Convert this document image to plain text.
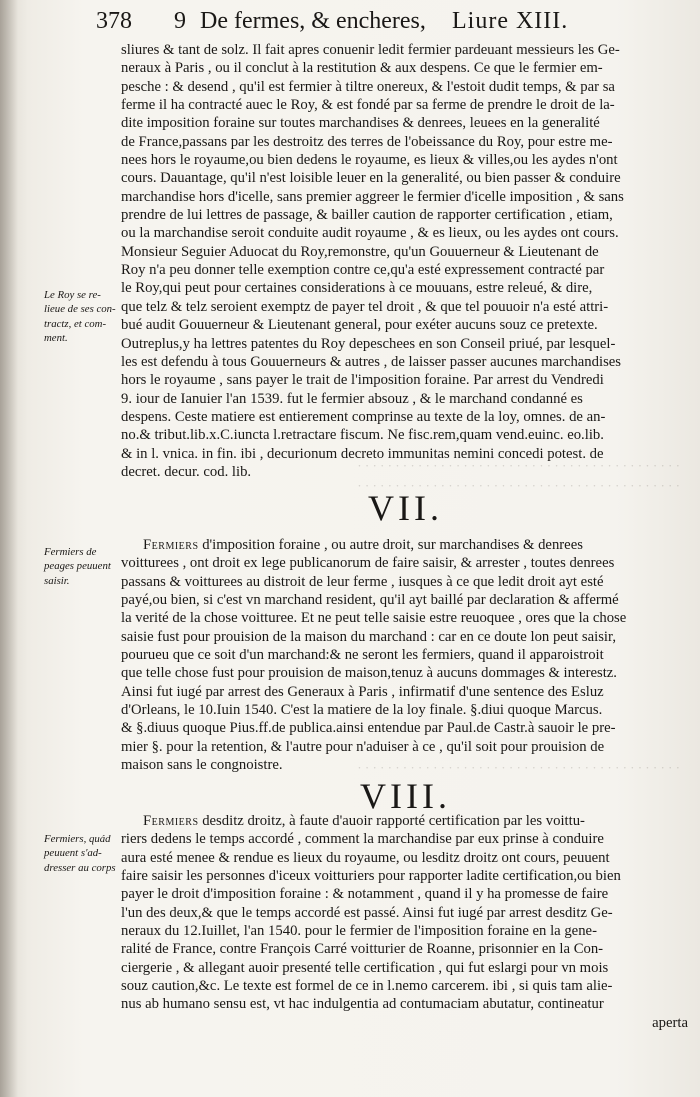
· · · · · · · · · · · · · · · · · · · · · · · · · · · · · · · · · · · · · · · · · · ·
· · · · · · · · · · · · · · · · · · · · · · · · · · · · · · · · · · · · · · · · · · ·
· · · · · · · · · · · · · · · · · · · · · · · · · · · · · · · · · · · · · · · · · · ·
378 9 De fermes, & encheres, Liure XIII.
sliures & tant de solz. Il fait apres conuenir ledit fermier pardeuant messieurs les Ge-
neraux à Paris , ou il conclut à la restitution & aux despens. Ce que le fermier em-
pesche : & desend , qu'il est fermier à tiltre onereux, & l'estoit dudit temps, & par sa
ferme il ha contracté auec le Roy, & est fondé par sa ferme de prendre le droit de la-
dite imposition foraine sur toutes marchandises & denrees, leuees en la generalité
de France,passans par les destroitz des terres de l'obeissance du Roy, pour estre me-
nees hors le royaume,ou bien dedens le royaume, es lieux & villes,ou les aydes n'ont
cours. Dauantage, qu'il n'est loisible leuer en la generalité, ou bien passer & conduire
marchandise hors d'icelle, sans premier aggreer le fermier d'icelle imposition , & sans
prendre de lui lettres de passage, & bailler caution de rapporter certification , etiam,
ou la marchandise seroit conduite audit royaume , & es lieux, ou les aydes ont cours.
Monsieur Seguier Aduocat du Roy,remonstre, qu'un Gouuerneur & Lieutenant de
Roy n'a peu donner telle exemption contre ce,qu'a esté expressement contracté par
le Roy,qui peut pour certaines considerations à ce mouuans, estre releué, & dire,
que telz & telz seroient exemptz de payer tel droit , & que tel pouuoir n'a esté attri-
bué audit Gouuerneur & Lieutenant general, pour exéter aucuns souz ce pretexte.
Outreplus,y ha lettres patentes du Roy depeschees en son Conseil priué, par lesquel-
les est defendu à tous Gouuerneurs & autres , de laisser passer aucunes marchandises
hors le royaume , sans payer le trait de l'imposition foraine. Par arrest du Vendredi
9. iour de Ianuier l'an 1539. fut le fermier absouz , & le marchand condanné es
despens. Ceste matiere est entierement comprinse au texte de la loy, omnes. de an-
no.& tribut.lib.x.C.iuncta l.retractare fiscum. Ne fisc.rem,quam vend.euinc. eo.lib.
& in l. vnica. in fin. ibi , decurionum decreto immunitas nemini concedi potest. de
decret. decur. cod. lib.
Le Roy se re-
lieue de ses con-
tractz, et com-
ment.
VII.
Fermiers de
peages peuuent
saisir.
Fermiers d'imposition foraine , ou autre droit, sur marchandises & denrees
voitturees , ont droit ex lege publicanorum de faire saisir, & arrester , toutes denrees
passans & voitturees au distroit de leur ferme , iusques à ce que ledit droit ayt esté
payé,ou bien, si c'est vn marchand resident, qu'il ayt baillé par declaration & affermé
la verité de la chose voitturee. Et ne peut telle saisie estre reuoquee , ores que la chose
saisie fust pour prouision de la maison du marchand : car en ce doute lon peut saisir,
pourueu que ce soit d'un marchand:& ne seront les fermiers, quand il apparoistroit
que telle chose fust pour prouision de maison,tenuz à aucuns dommages & interestz.
Ainsi fut iugé par arrest des Generaux à Paris , infirmatif d'une sentence des Esluz
d'Orleans, le 10.Iuin 1540. C'est la matiere de la loy finale. §.diui quoque Marcus.
& §.diuus quoque Pius.ff.de publica.ainsi entendue par Paul.de Castr.à sauoir le pre-
mier §. pour la retention, & l'autre pour n'aduiser à ce , qu'il soit pour prouision de
maison sans le congnoistre.
VIII.
Fermiers, quád
peuuent s'ad-
dresser au corps
Fermiers desditz droitz, à faute d'auoir rapporté certification par les voittu-
riers dedens le temps accordé , comment la marchandise par eux prinse à conduire
aura esté menee & rendue es lieux du royaume, ou lesditz droitz ont cours, peuuent
faire saisir les personnes d'iceux voitturiers pour rapporter ladite certification,ou bien
payer le droit d'imposition foraine : & notamment , quand il y ha promesse de faire
l'un des deux,& que le temps accordé est passé. Ainsi fut iugé par arrest desditz Ge-
neraux du 12.Iuillet, l'an 1540. pour le fermier de l'imposition foraine en la gene-
ralité de France, contre François Carré voitturier de Roanne, prisonnier en la Con-
ciergerie , & allegant auoir presenté telle certification , qui fut eslargi pour vn mois
souz caution,&c. Le texte est formel de ce in l.nemo carcerem. ibi , si quis tam alie-
nus ab humano sensu est, vt hac indulgentia ad contumaciam abutatur, contineatur
aperta
